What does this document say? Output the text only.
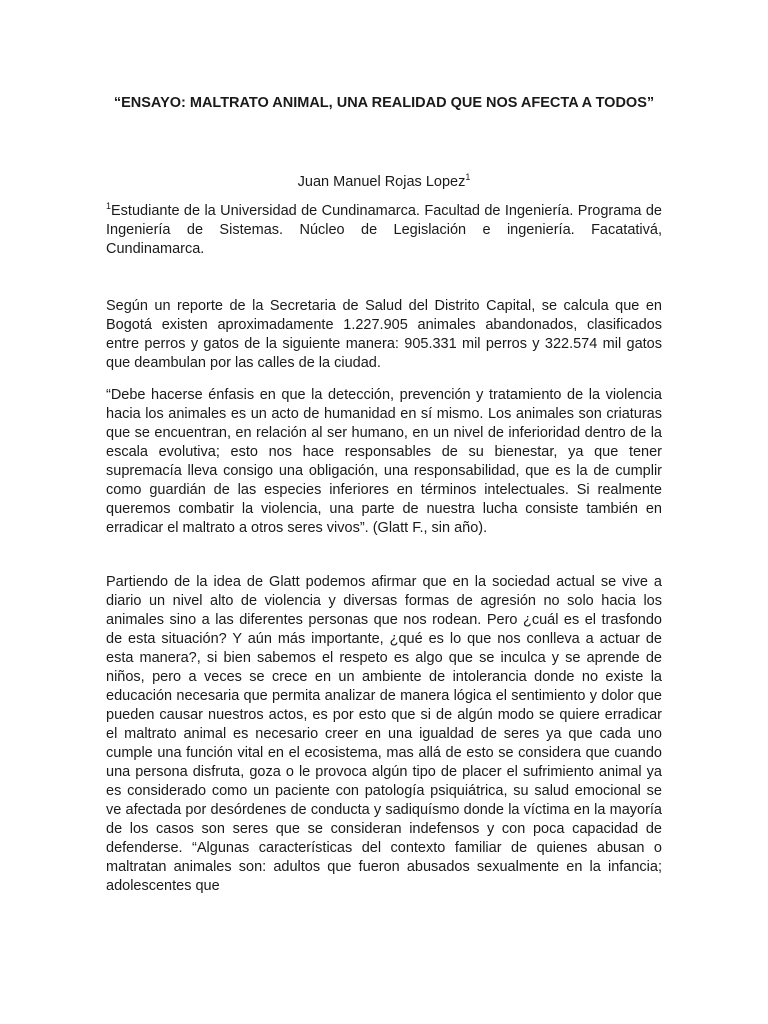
“ENSAYO: MALTRATO ANIMAL, UNA REALIDAD QUE NOS AFECTA A TODOS”

Juan Manuel Rojas Lopez$^1$

$^1$Estudiante de la Universidad de Cundinamarca. Facultad de Ingeniería. Programa de Ingeniería de Sistemas. Núcleo de Legislación e ingeniería. Facatativá, Cundinamarca.

Según un reporte de la Secretaria de Salud del Distrito Capital, se calcula que en Bogotá existen aproximadamente 1.227.905 animales abandonados, clasificados entre perros y gatos de la siguiente manera: 905.331 mil perros y 322.574 mil gatos que deambulan por las calles de la ciudad.

“Debe hacerse énfasis en que la detección, prevención y tratamiento de la violencia hacia los animales es un acto de humanidad en sí mismo. Los animales son criaturas que se encuentran, en relación al ser humano, en un nivel de inferioridad dentro de la escala evolutiva; esto nos hace responsables de su bienestar, ya que tener supremacía lleva consigo una obligación, una responsabilidad, que es la de cumplir como guardián de las especies inferiores en términos intelectuales. Si realmente queremos combatir la violencia, una parte de nuestra lucha consiste también en erradicar el maltrato a otros seres vivos”. (Glatt F., sin año).

Partiendo de la idea de Glatt podemos afirmar que en la sociedad actual se vive a diario un nivel alto de violencia y diversas formas de agresión no solo hacia los animales sino a las diferentes personas que nos rodean. Pero ¿cuál es el trasfondo de esta situación? Y aún más importante, ¿qué es lo que nos conlleva a actuar de esta manera?, si bien sabemos el respeto es algo que se inculca y se aprende de niños, pero a veces se crece en un ambiente de intolerancia donde no existe la educación necesaria que permita analizar de manera lógica el sentimiento y dolor que pueden causar nuestros actos, es por esto que si de algún modo se quiere erradicar el maltrato animal es necesario creer en una igualdad de seres ya que cada uno cumple una función vital en el ecosistema, mas allá de esto se considera que cuando una persona disfruta, goza o le provoca algún tipo de placer el sufrimiento animal ya es considerado como un paciente con patología psiquiátrica, su salud emocional se ve afectada por desórdenes de conducta y sadiquísmo donde la víctima en la mayoría de los casos son seres que se consideran indefensos y con poca capacidad de defenderse. “Algunas características del contexto familiar de quienes abusan o maltratan animales son: adultos que fueron abusados sexualmente en la infancia; adolescentes que
